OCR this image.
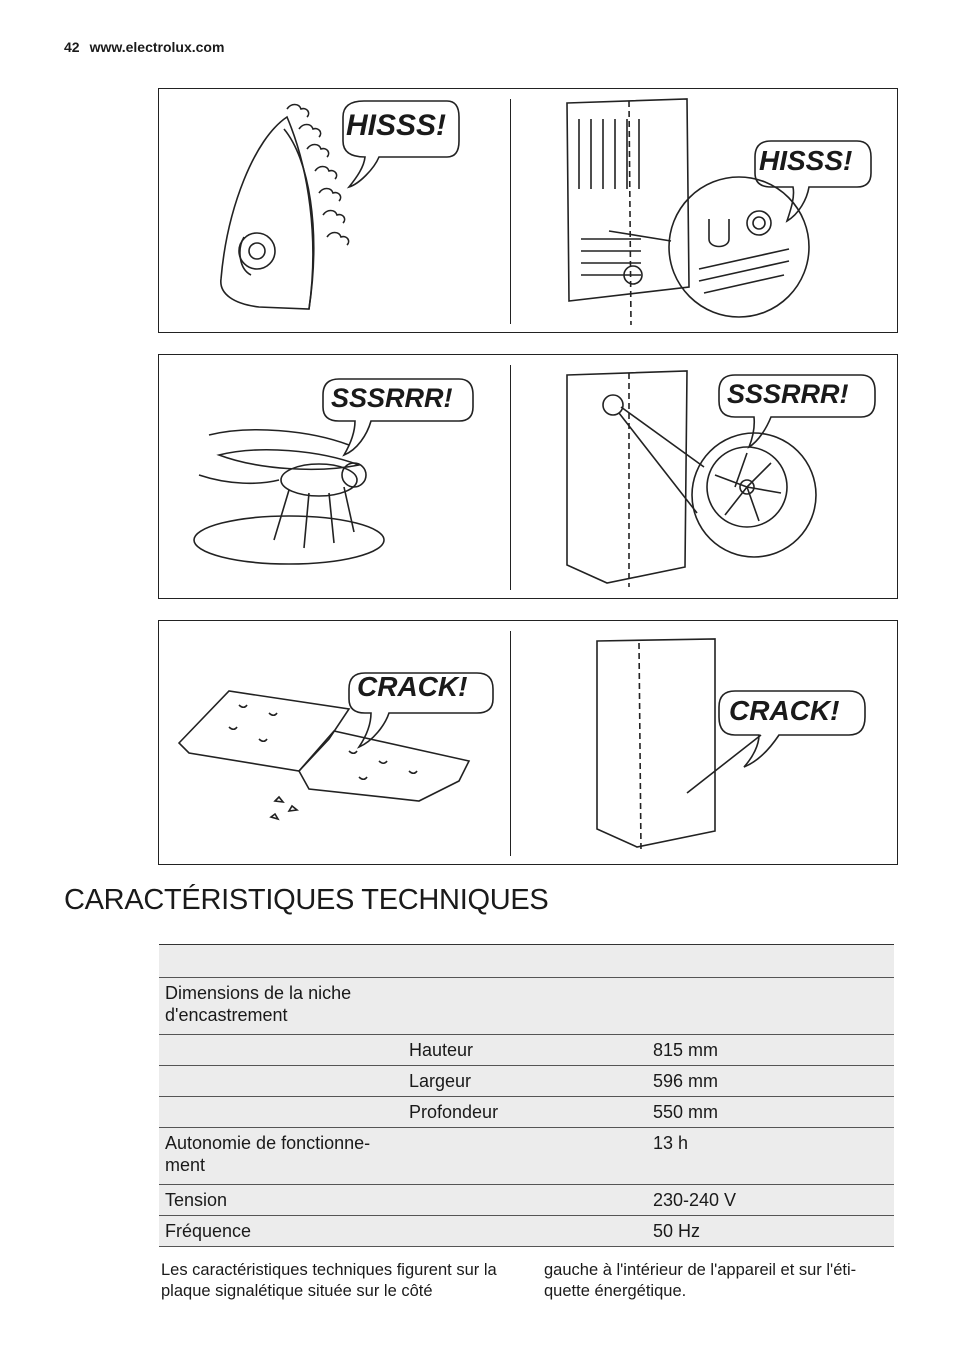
42 www.electrolux.com
HISSS!
HISSS!
SSSRRR!	SSSRRR!
CRACK!
CRACK!
CARACTÉRISTIQUES TECHNIQUES

Dimensions de la niche d'encastrement		
	Hauteur	815 mm
	Largeur	596 mm
	Profondeur	550 mm
Autonomie de fonctionne- ment		13 h
Tension		230-240 V
Fréquence		50 Hz
Les caractéristiques techniques figurent sur la plaque signalétique située sur le côté
gauche à l'intérieur de l'appareil et sur l'éti- quette énergétique.
